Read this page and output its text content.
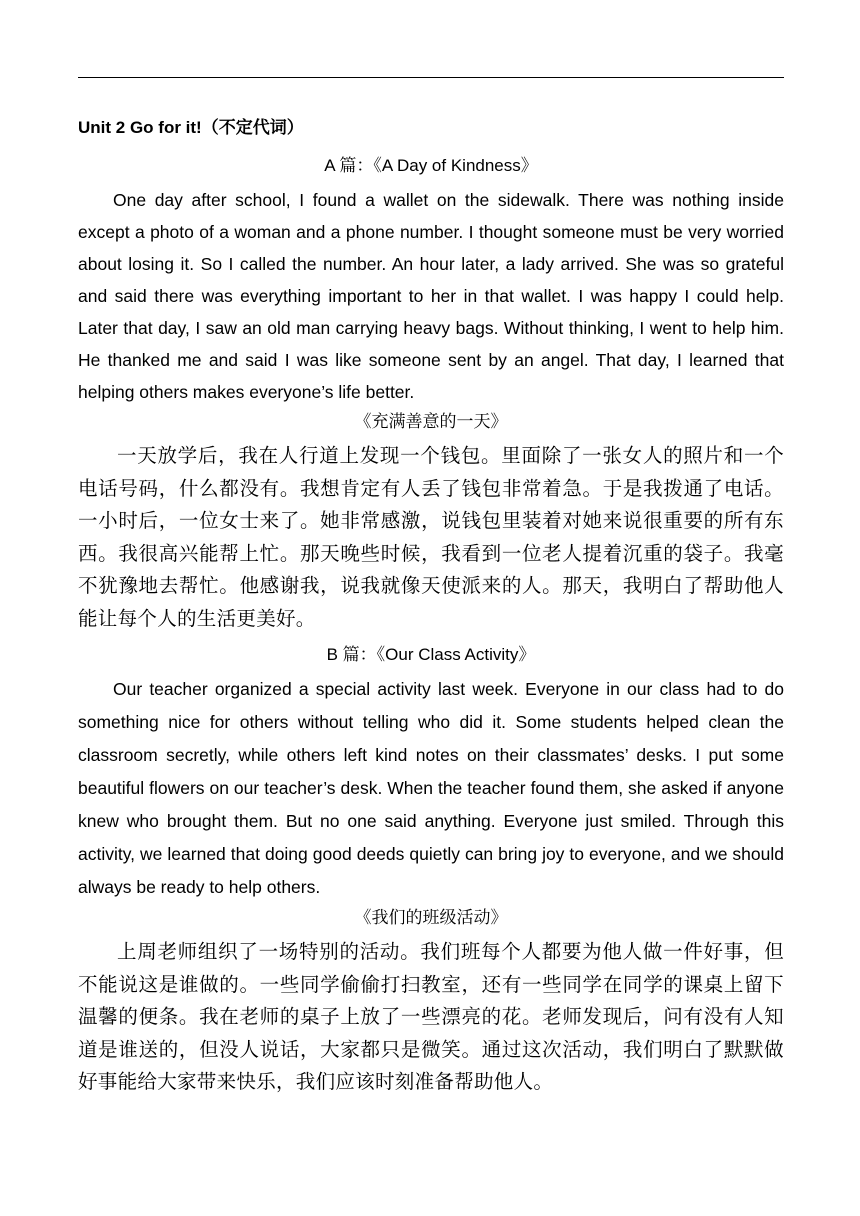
Unit 2 Go for it!（不定代词）
A 篇：《A Day of Kindness》

One day after school, I found a wallet on the sidewalk. There was nothing inside except a photo of a woman and a phone number. I thought someone must be very worried about losing it. So I called the number. An hour later, a lady arrived. She was so grateful and said there was everything important to her in that wallet. I was happy I could help. Later that day, I saw an old man carrying heavy bags. Without thinking, I went to help him. He thanked me and said I was like someone sent by an angel. That day, I learned that helping others makes everyone’s life better.

《充满善意的一天》

一天放学后，我在人行道上发现一个钱包。里面除了一张女人的照片和一个电话号码，什么都没有。我想肯定有人丢了钱包非常着急。于是我拨通了电话。一小时后，一位女士来了。她非常感激，说钱包里装着对她来说很重要的所有东西。我很高兴能帮上忙。那天晚些时候，我看到一位老人提着沉重的袋子。我毫不犹豫地去帮忙。他感谢我，说我就像天使派来的人。那天，我明白了帮助他人能让每个人的生活更美好。

B 篇：《Our Class Activity》

Our teacher organized a special activity last week. Everyone in our class had to do something nice for others without telling who did it. Some students helped clean the classroom secretly, while others left kind notes on their classmates’ desks. I put some beautiful flowers on our teacher’s desk. When the teacher found them, she asked if anyone knew who brought them. But no one said anything. Everyone just smiled. Through this activity, we learned that doing good deeds quietly can bring joy to everyone, and we should always be ready to help others.

《我们的班级活动》

上周老师组织了一场特别的活动。我们班每个人都要为他人做一件好事，但不能说这是谁做的。一些同学偷偷打扫教室，还有一些同学在同学的课桌上留下温馨的便条。我在老师的桌子上放了一些漂亮的花。老师发现后，问有没有人知道是谁送的，但没人说话，大家都只是微笑。通过这次活动，我们明白了默默做好事能给大家带来快乐，我们应该时刻准备帮助他人。
